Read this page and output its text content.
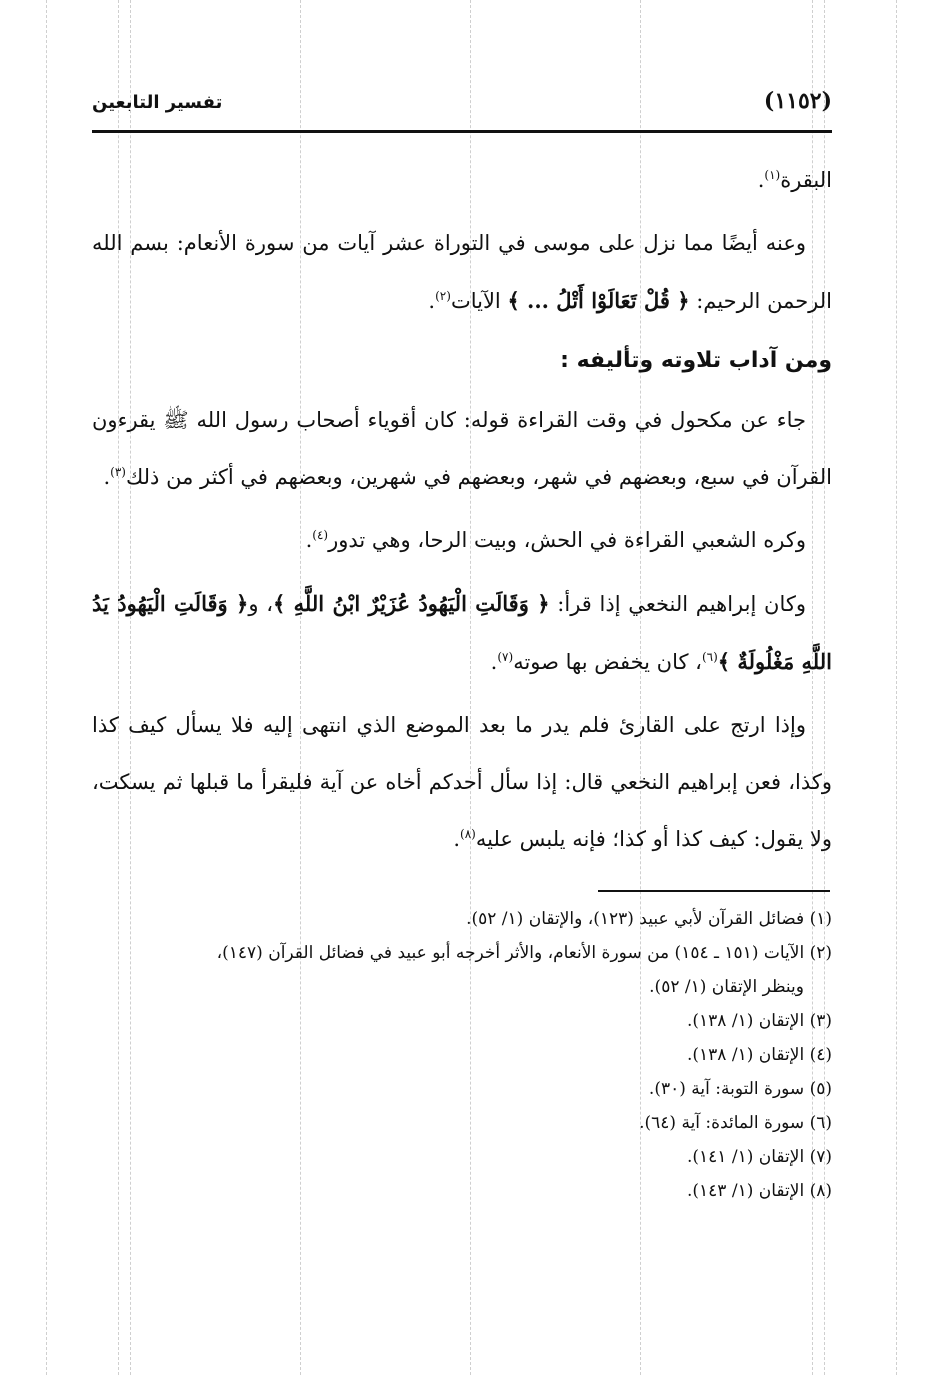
(١١٥٢)
تفسير التابعين

البقرة$^{(١)}$.

وعنه أيضًا مما نزل على موسى في التوراة عشر آيات من سورة الأنعام: بسم الله الرحمن الرحيم: ﴿ قُلْ تَعَالَوْا أَتْلُ ... ﴾ الآيات$^{(٢)}$.

ومن آداب تلاوته وتأليفه :

جاء عن مكحول في وقت القراءة قوله: كان أقوياء أصحاب رسول الله ﷺ يقرءون القرآن في سبع، وبعضهم في شهر، وبعضهم في شهرين، وبعضهم في أكثر من ذلك$^{(٣)}$.

وكره الشعبي القراءة في الحش، وبيت الرحا، وهي تدور$^{(٤)}$.

وكان إبراهيم النخعي إذا قرأ: ﴿ وَقَالَتِ الْيَهُودُ عُزَيْرٌ ابْنُ اللَّهِ ﴾، و﴿ وَقَالَتِ الْيَهُودُ يَدُ اللَّهِ مَغْلُولَةٌ ﴾$^{(٦)}$، كان يخفض بها صوته$^{(٧)}$.

وإذا ارتج على القارئ فلم يدر ما بعد الموضع الذي انتهى إليه فلا يسأل كيف كذا وكذا، فعن إبراهيم النخعي قال: إذا سأل أحدكم أخاه عن آية فليقرأ ما قبلها ثم يسكت، ولا يقول: كيف كذا أو كذا؛ فإنه يلبس عليه$^{(٨)}$.

(١) فضائل القرآن لأبي عبيد (١٢٣)، والإتقان (١/ ٥٢).

(٢) الآيات (١٥١ ـ ١٥٤) من سورة الأنعام، والأثر أخرجه أبو عبيد في فضائل القرآن (١٤٧)،

وينظر الإتقان (١/ ٥٢).

(٣) الإتقان (١/ ١٣٨).

(٤) الإتقان (١/ ١٣٨).

(٥) سورة التوبة: آية (٣٠).

(٦) سورة المائدة: آية (٦٤).

(٧) الإتقان (١/ ١٤١).

(٨) الإتقان (١/ ١٤٣).
